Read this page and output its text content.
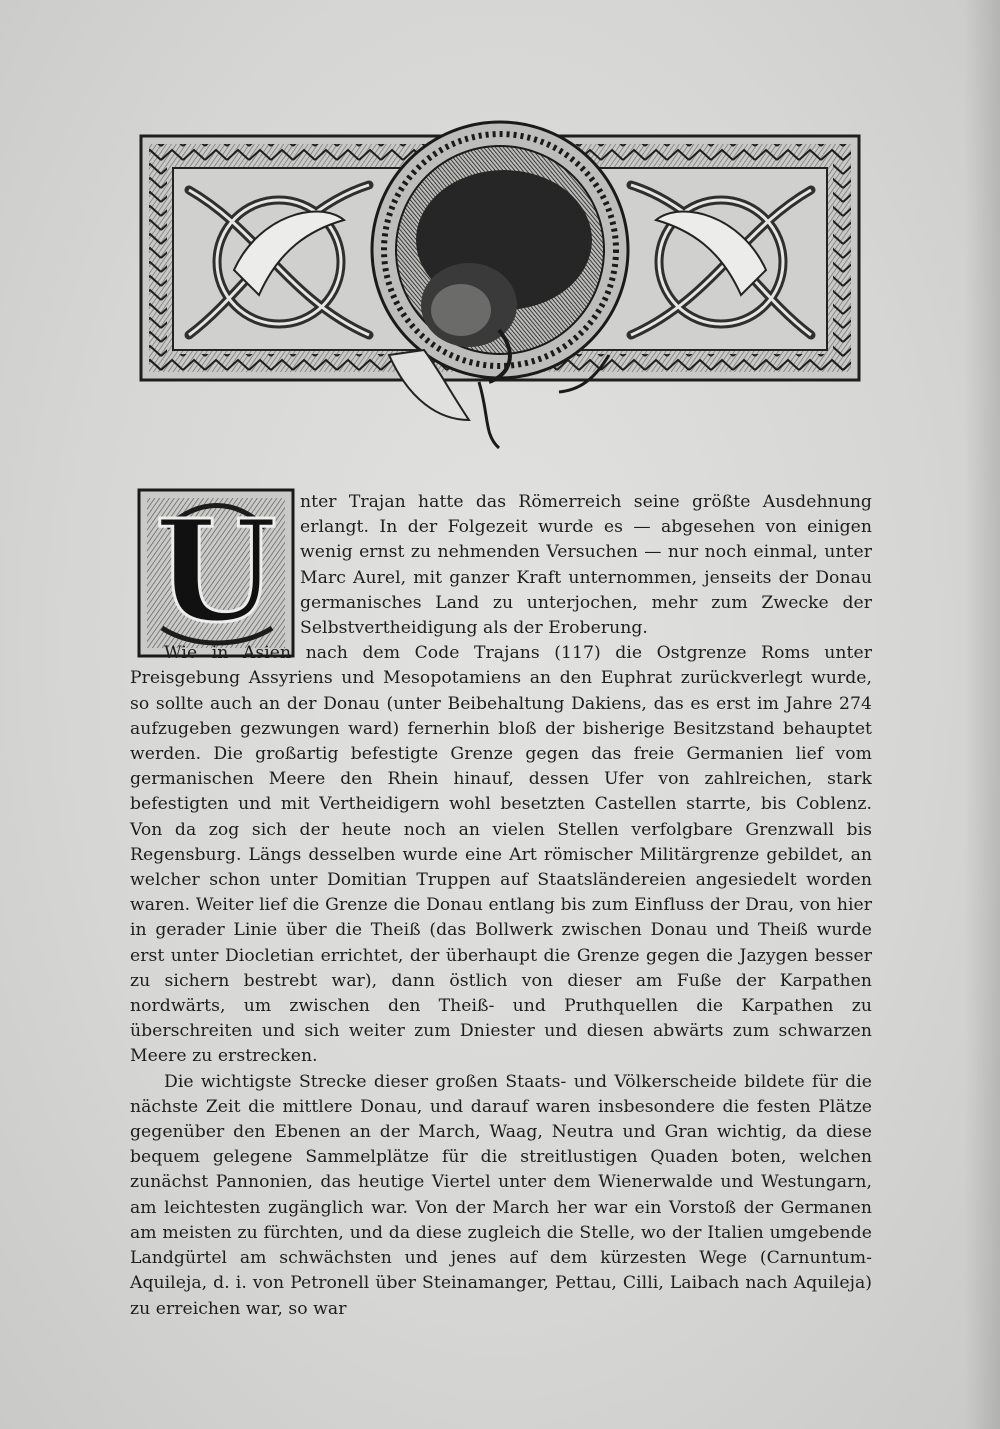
U	nter Trajan hatte das Römerreich seine größte Ausdehnung erlangt. In der Folgezeit wurde es — abgesehen von einigen wenig ernst zu nehmenden Versuchen — nur noch einmal, unter Marc Aurel, mit ganzer Kraft unternommen, jenseits der Donau germanisches Land zu unterjochen, mehr zum Zwecke der Selbstvertheidigung als der Eroberung.

Wie in Asien nach dem Code Trajans (117) die Ostgrenze Roms unter Preisgebung Assyriens und Mesopotamiens an den Euphrat zurückverlegt wurde, so sollte auch an der Donau (unter Beibehaltung Dakiens, das es erst im Jahre 274 aufzugeben gezwungen ward) fernerhin bloß der bisherige Besitzstand behauptet werden. Die großartig befestigte Grenze gegen das freie Germanien lief vom germanischen Meere den Rhein hinauf, dessen Ufer von zahlreichen, stark befestigten und mit Vertheidigern wohl besetzten Castellen starrte, bis Coblenz. Von da zog sich der heute noch an vielen Stellen verfolgbare Grenzwall bis Regensburg. Längs desselben wurde eine Art römischer Militärgrenze gebildet, an welcher schon unter Domitian Truppen auf Staatsländereien angesiedelt worden waren. Weiter lief die Grenze die Donau entlang bis zum Einfluss der Drau, von hier in gerader Linie über die Theiß (das Bollwerk zwischen Donau und Theiß wurde erst unter Diocletian errichtet, der überhaupt die Grenze gegen die Jazygen besser zu sichern bestrebt war), dann östlich von dieser am Fuße der Karpathen nordwärts, um zwischen den Theiß- und Pruthquellen die Karpathen zu überschreiten und sich weiter zum Dniester und diesen abwärts zum schwarzen Meere zu erstrecken.

Die wichtigste Strecke dieser großen Staats- und Völkerscheide bildete für die nächste Zeit die mittlere Donau, und darauf waren insbesondere die festen Plätze gegenüber den Ebenen an der March, Waag, Neutra und Gran wichtig, da diese bequem gelegene Sammelplätze für die streitlustigen Quaden boten, welchen zunächst Pannonien, das heutige Viertel unter dem Wienerwalde und Westungarn, am leichtesten zugänglich war. Von der March her war ein Vorstoß der Germanen am meisten zu fürchten, und da diese zugleich die Stelle, wo der Italien umgebende Landgürtel am schwächsten und jenes auf dem kürzesten Wege (Carnuntum-Aquileja, d. i. von Petronell über Steinamanger, Pettau, Cilli, Laibach nach Aquileja) zu erreichen war, so war
